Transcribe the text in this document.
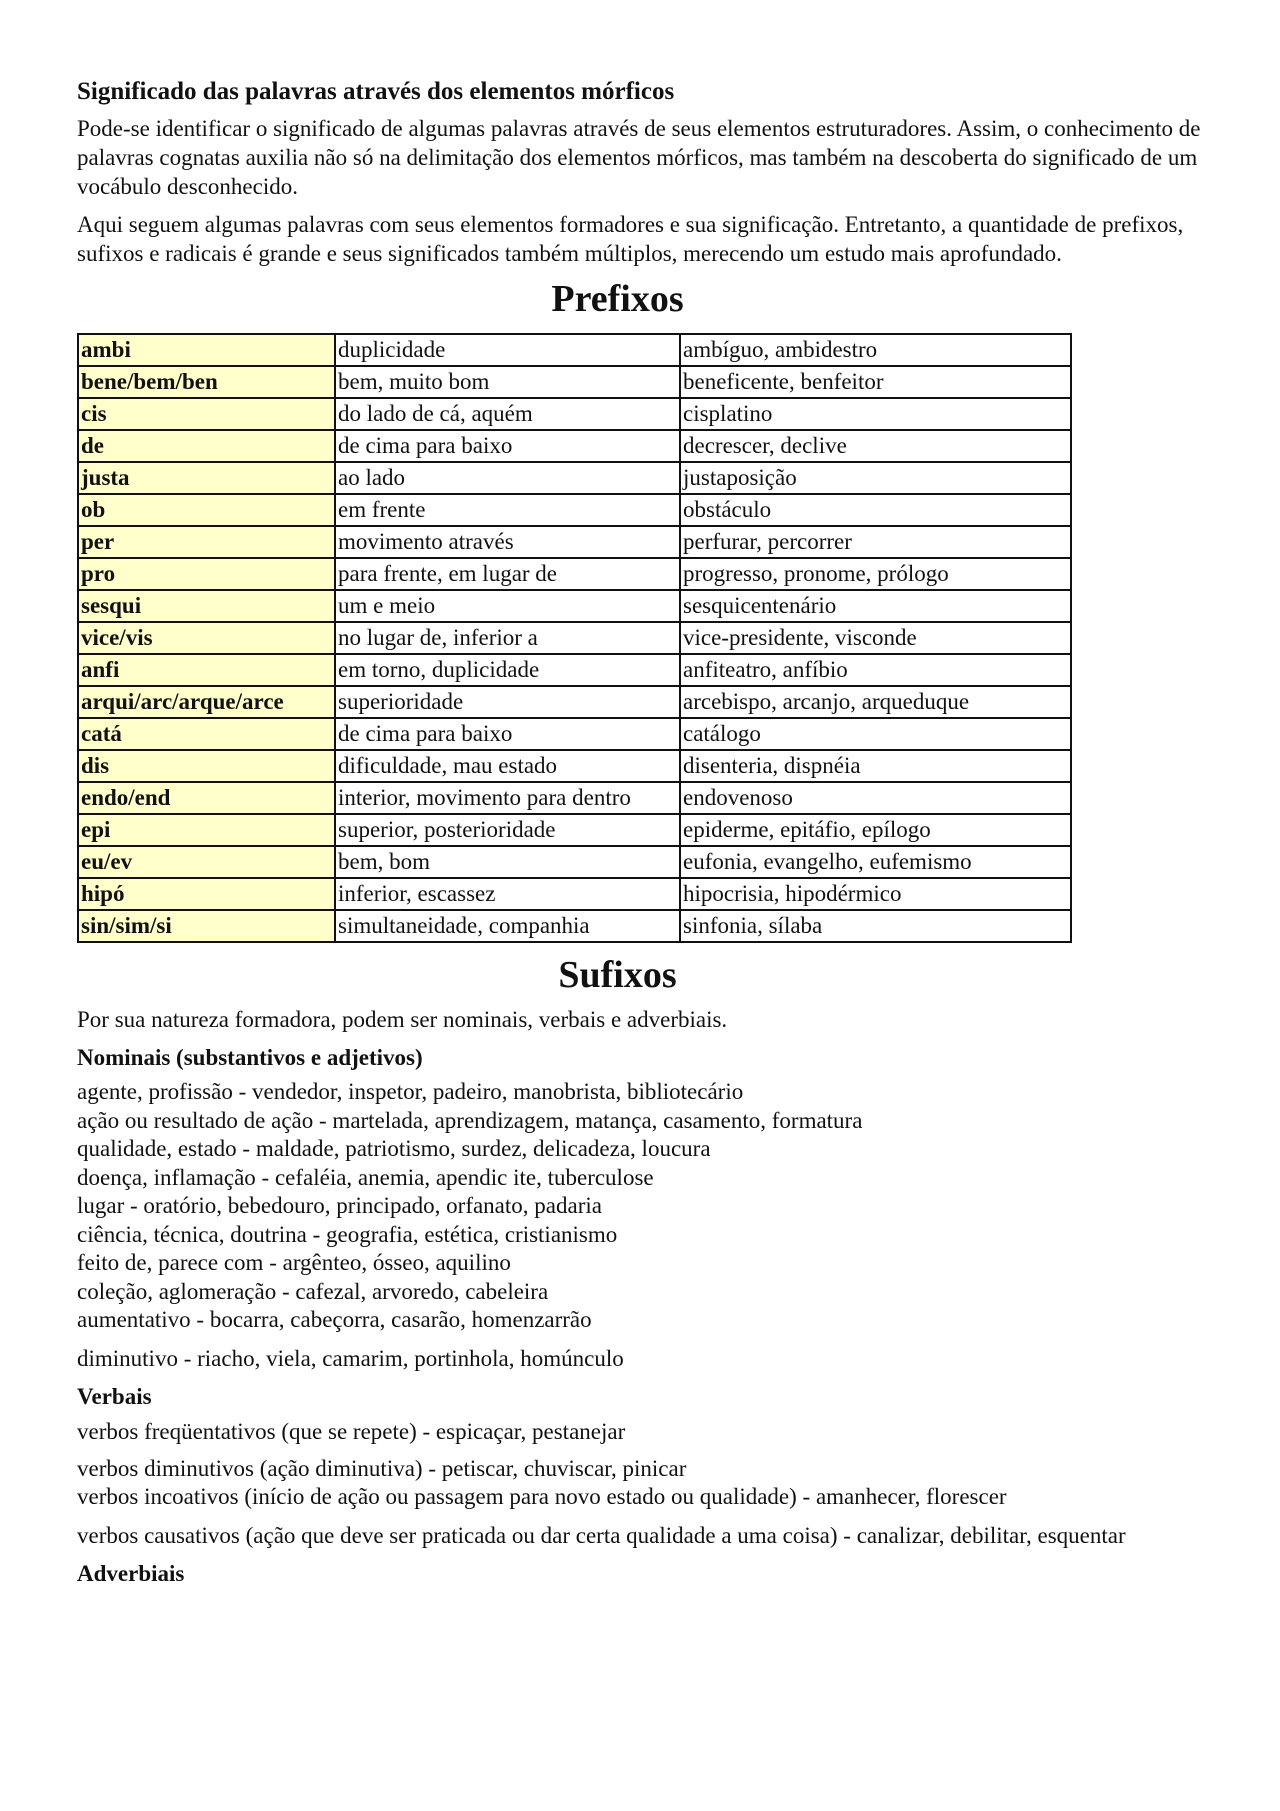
Significado das palavras através dos elementos mórficos

Pode-se identificar o significado de algumas palavras através de seus elementos estruturadores. Assim, o conhecimento de palavras cognatas auxilia não só na delimitação dos elementos mórficos, mas também na descoberta do significado de um vocábulo desconhecido.

Aqui seguem algumas palavras com seus elementos formadores e sua significação. Entretanto, a quantidade de prefixos, sufixos e radicais é grande e seus significados também múltiplos, merecendo um estudo mais aprofundado.

Prefixos
ambi	duplicidade	ambíguo, ambidestro
bene/bem/ben	bem, muito bom	beneficente, benfeitor
cis	do lado de cá, aquém	cisplatino
de	de cima para baixo	decrescer, declive
justa	ao lado	justaposição
ob	em frente	obstáculo
per	movimento através	perfurar, percorrer
pro	para frente, em lugar de	progresso, pronome, prólogo
sesqui	um e meio	sesquicentenário
vice/vis	no lugar de, inferior a	vice-presidente, visconde
anfi	em torno, duplicidade	anfiteatro, anfíbio
arqui/arc/arque/arce	superioridade	arcebispo, arcanjo, arqueduque
catá	de cima para baixo	catálogo
dis	dificuldade, mau estado	disenteria, dispnéia
endo/end	interior, movimento para dentro	endovenoso
epi	superior, posterioridade	epiderme, epitáfio, epílogo
eu/ev	bem, bom	eufonia, evangelho, eufemismo
hipó	inferior, escassez	hipocrisia, hipodérmico
sin/sim/si	simultaneidade, companhia	sinfonia, sílaba
Sufixos

Por sua natureza formadora, podem ser nominais, verbais e adverbiais.

Nominais (substantivos e adjetivos)

agente, profissão - vendedor, inspetor, padeiro, manobrista, bibliotecário

ação ou resultado de ação - martelada, aprendizagem, matança, casamento, formatura

qualidade, estado - maldade, patriotismo, surdez, delicadeza, loucura

doença, inflamação - cefaléia, anemia, apendic ite, tuberculose

lugar - oratório, bebedouro, principado, orfanato, padaria

ciência, técnica, doutrina - geografia, estética, cristianismo

feito de, parece com - argênteo, ósseo, aquilino

coleção, aglomeração - cafezal, arvoredo, cabeleira

aumentativo - bocarra, cabeçorra, casarão, homenzarrão

diminutivo - riacho, viela, camarim, portinhola, homúnculo

Verbais

verbos freqüentativos (que se repete) - espicaçar, pestanejar

verbos diminutivos (ação diminutiva) - petiscar, chuviscar, pinicar

verbos incoativos (início de ação ou passagem para novo estado ou qualidade) - amanhecer, florescer

verbos causativos (ação que deve ser praticada ou dar certa qualidade a uma coisa) - canalizar, debilitar, esquentar

Adverbiais
